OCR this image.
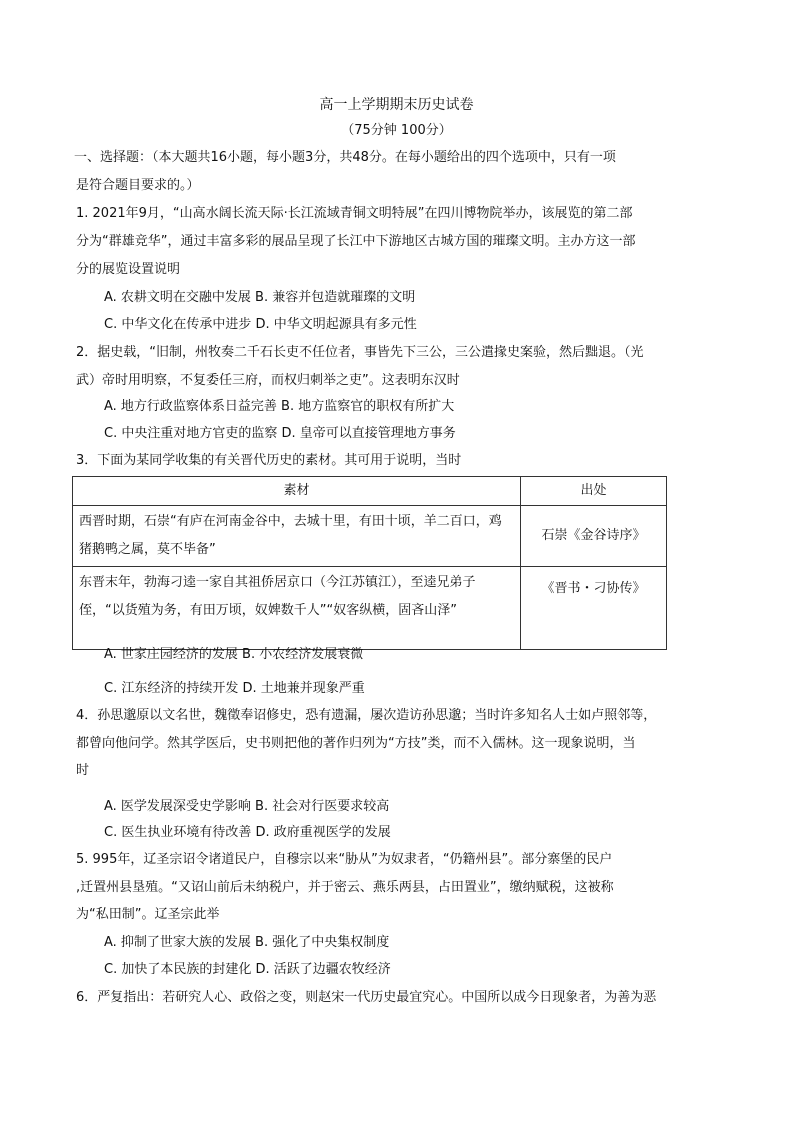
高一上学期期末历史试卷
（75分钟 100分）
一、选择题：（本大题共16小题，每小题3分，共48分。在每小题给出的四个选项中，只有一项
是符合题目要求的。）
1. 2021年9月，“山高水阔长流天际·长江流域青铜文明特展”在四川博物院举办，该展览的第二部
分为“群雄竞华”，通过丰富多彩的展品呈现了长江中下游地区古城方国的璀璨文明。主办方这一部
分的展览设置说明
A. 农耕文明在交融中发展 B. 兼容并包造就璀璨的文明
C. 中华文化在传承中进步 D. 中华文明起源具有多元性
2．据史载，“旧制，州牧奏二千石长吏不任位者，事皆先下三公，三公遣掾史案验，然后黜退。（光
武）帝时用明察，不复委任三府，而权归刺举之吏”。这表明东汉时
A. 地方行政监察体系日益完善 B. 地方监察官的职权有所扩大
C. 中央注重对地方官吏的监察 D. 皇帝可以直接管理地方事务
3．下面为某同学收集的有关晋代历史的素材。其可用于说明，当时
素材	出处
西晋时期，石崇“有庐在河南金谷中，去城十里，有田十顷，羊二百口，鸡猪鹅鸭之属，莫不毕备”	石崇《金谷诗序》
东晋末年，勃海刁逵一家自其祖侨居京口（今江苏镇江），至逵兄弟子侄，“以货殖为务，有田万顷，奴婢数千人”“奴客纵横，固吝山泽”	《晋书・刁协传》
A. 世家庄园经济的发展 B. 小农经济发展衰微
C. 江东经济的持续开发 D. 土地兼并现象严重
4．孙思邈原以文名世，魏徵奉诏修史，恐有遗漏，屡次造访孙思邈；当时许多知名人士如卢照邻等，
都曾向他问学。然其学医后，史书则把他的著作归列为“方技”类，而不入儒林。这一现象说明，当
时
A. 医学发展深受史学影响 B. 社会对行医要求较高
C. 医生执业环境有待改善 D. 政府重视医学的发展
5. 995年，辽圣宗诏令诸道民户，自穆宗以来“胁从”为奴隶者，“仍籍州县”。部分寨堡的民户
,迁置州县垦殖。“又诏山前后未纳税户，并于密云、燕乐两县，占田置业”，缴纳赋税，这被称
为“私田制”。辽圣宗此举
A. 抑制了世家大族的发展 B. 强化了中央集权制度
C. 加快了本民族的封建化 D. 活跃了边疆农牧经济
6．严复指出：若研究人心、政俗之变，则赵宋一代历史最宜究心。中国所以成今日现象者，为善为恶
